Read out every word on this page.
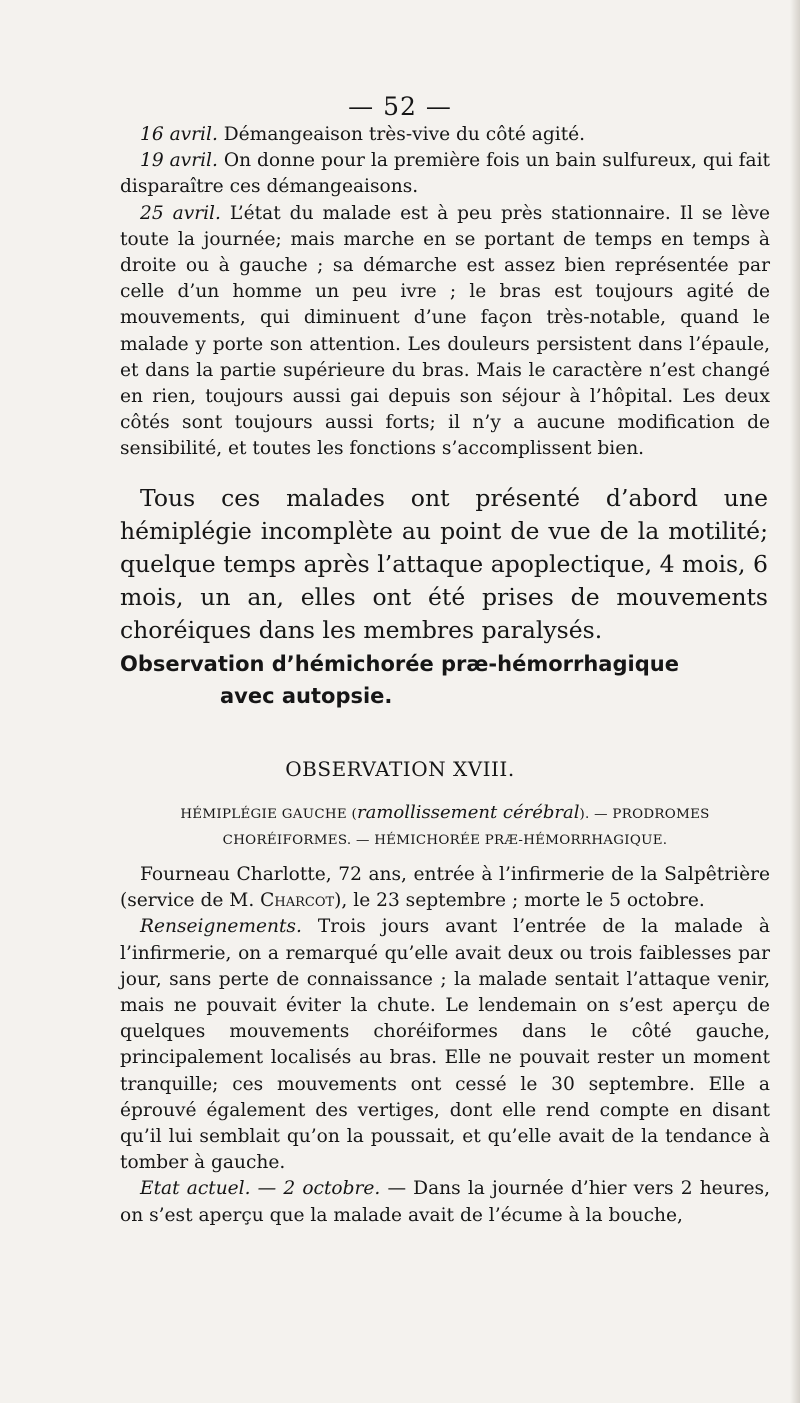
— 52 —

16 avril. Démangeaison très-vive du côté agité.

19 avril. On donne pour la première fois un bain sulfureux, qui fait disparaître ces démangeaisons.

25 avril. L’état du malade est à peu près stationnaire. Il se lève toute la journée; mais marche en se portant de temps en temps à droite ou à gauche ; sa démarche est assez bien représentée par celle d’un homme un peu ivre ; le bras est toujours agité de mouvements, qui diminuent d’une façon très-notable, quand le malade y porte son attention. Les douleurs persistent dans l’épaule, et dans la partie supérieure du bras. Mais le caractère n’est changé en rien, toujours aussi gai depuis son séjour à l’hôpital. Les deux côtés sont toujours aussi forts; il n’y a aucune modification de sensibilité, et toutes les fonctions s’accomplissent bien.

Tous ces malades ont présenté d’abord une hémiplégie incomplète au point de vue de la motilité; quelque temps après l’attaque apoplectique, 4 mois, 6 mois, un an, elles ont été prises de mouvements choréiques dans les membres paralysés.

Observation d’hémichorée præ-hémorrhagique
avec autopsie.
OBSERVATION XVIII.
HÉMIPLÉGIE GAUCHE (ramollissement cérébral). — PRODROMES
CHORÉIFORMES. — HÉMICHORÉE PRÆ-HÉMORRHAGIQUE.

Fourneau Charlotte, 72 ans, entrée à l’infirmerie de la Salpêtrière (service de M. Charcot), le 23 septembre ; morte le 5 octobre.

Renseignements. Trois jours avant l’entrée de la malade à l’infirmerie, on a remarqué qu’elle avait deux ou trois faiblesses par jour, sans perte de connaissance ; la malade sentait l’attaque venir, mais ne pouvait éviter la chute. Le lendemain on s’est aperçu de quelques mouvements choréiformes dans le côté gauche, principalement localisés au bras. Elle ne pouvait rester un moment tranquille; ces mouvements ont cessé le 30 septembre. Elle a éprouvé également des vertiges, dont elle rend compte en disant qu’il lui semblait qu’on la poussait, et qu’elle avait de la tendance à tomber à gauche.

Etat actuel. — 2 octobre. — Dans la journée d’hier vers 2 heures, on s’est aperçu que la malade avait de l’écume à la bouche,
